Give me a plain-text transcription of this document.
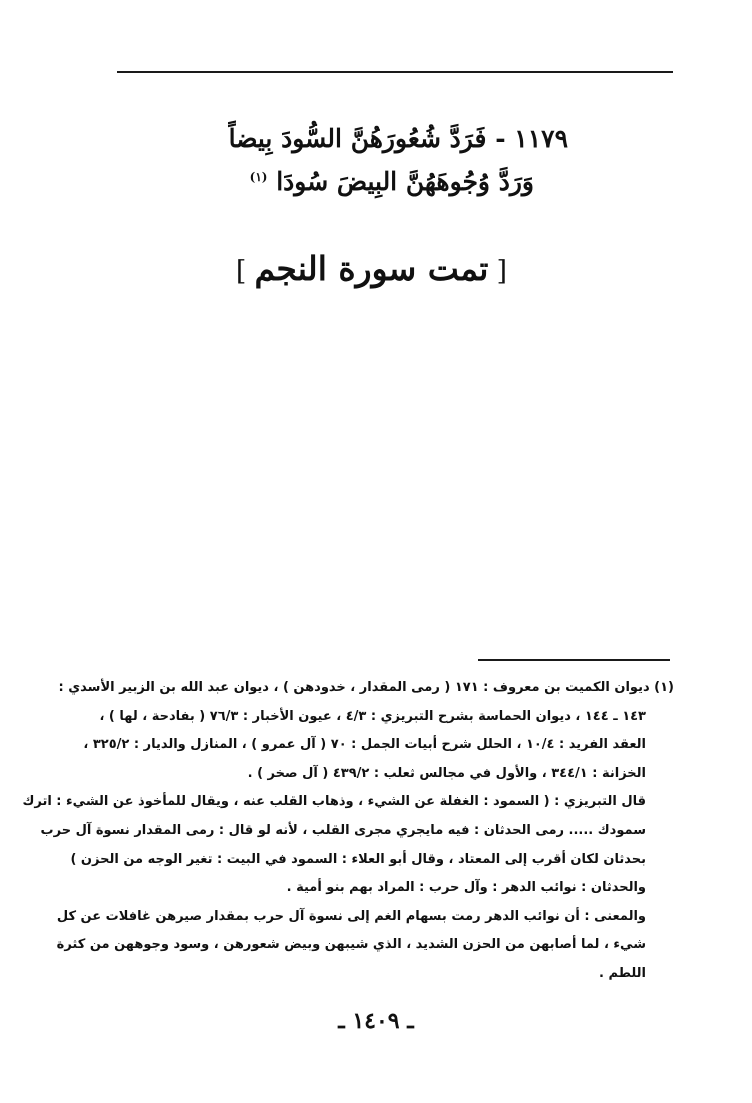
١١٧٩ - فَرَدَّ شُعُورَهُنَّ السُّودَ بِيضاً
وَرَدَّ وُجُوهَهُنَّ البِيضَ سُودَا $^{(١)}$
[تمت سورة النجم]
(١) ديوان الكميت بن معروف : ١٧١ ( رمى المقدار ، خدودهن ) ، ديوان عبد الله بن الزبير الأسدي :
١٤٣ ـ ١٤٤ ، ديوان الحماسة بشرح التبريزي : ٤/٣ ، عيون الأخبار : ٧٦/٣ ( بفادحة ، لها ) ،
العقد الفريد : ١٠/٤ ، الحلل شرح أبيات الجمل : ٧٠ ( آل عمرو ) ، المنازل والديار : ٣٢٥/٢ ،
الخزانة : ٣٤٤/١ ، والأول في مجالس ثعلب : ٤٣٩/٢ ( آل صخر ) .
قال التبريزي : ( السمود : الغفلة عن الشيء ، وذهاب القلب عنه ، ويقال للمأخوذ عن الشيء : اترك
سمودك ..... رمى الحدثان : فيه مايجري مجرى القلب ، لأنه لو قال : رمى المقدار نسوة آل حرب
بحدثان لكان أقرب إلى المعتاد ، وقال أبو العلاء : السمود في البيت : تغير الوجه من الحزن )
والحدثان : نوائب الدهر : وآل حرب : المراد بهم بنو أمية .
والمعنى : أن نوائب الدهر رمت بسهام الغم إلى نسوة آل حرب بمقدار صيرهن غافلات عن كل
شيء ، لما أصابهن من الحزن الشديد ، الذي شيبهن وبيض شعورهن ، وسود وجوههن من كثرة
اللطم .
ـ ١٤٠٩ ـ
